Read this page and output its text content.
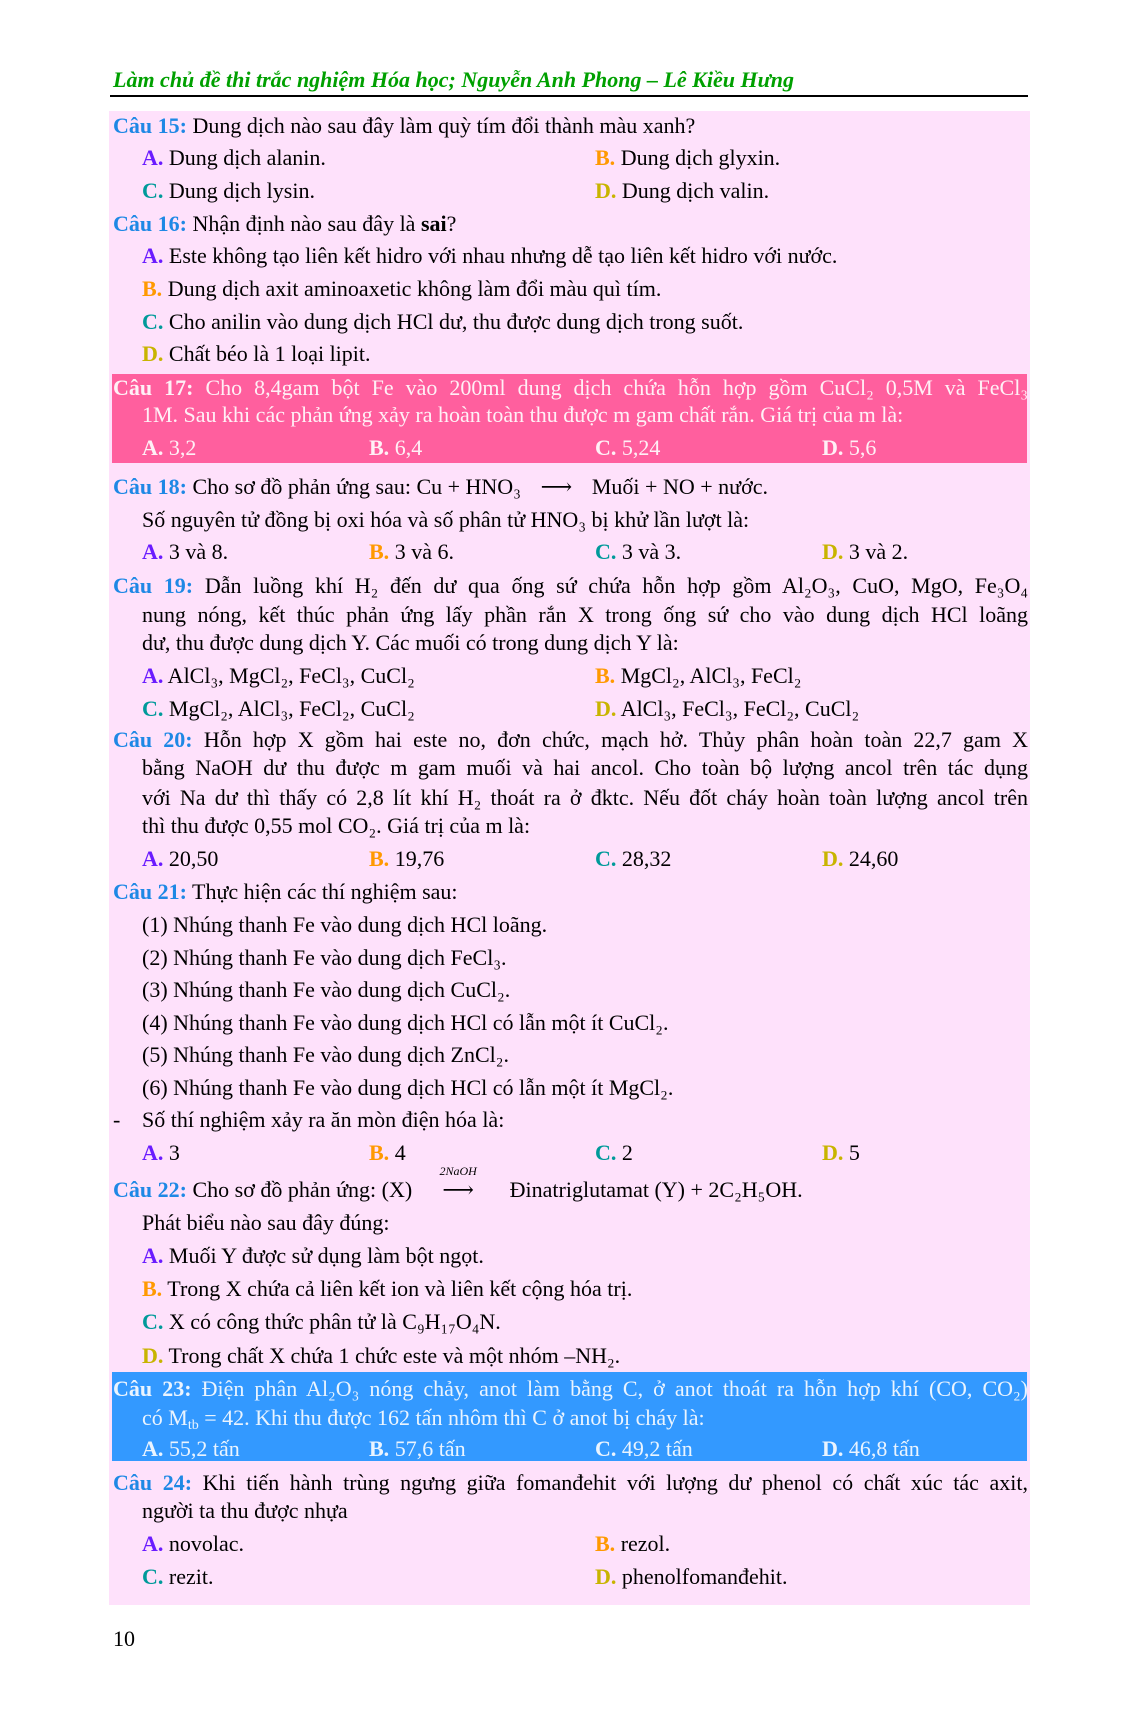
Làm chủ đề thi trắc nghiệm Hóa học; Nguyễn Anh Phong – Lê Kiều Hưng
Câu 15: Dung dịch nào sau đây làm quỳ tím đổi thành màu xanh?
A. Dung dịch alanin.	B. Dung dịch glyxin.
C. Dung dịch lysin.	D. Dung dịch valin.
Câu 16: Nhận định nào sau đây là sai?
A. Este không tạo liên kết hidro với nhau nhưng dễ tạo liên kết hidro với nước.
B. Dung dịch axit aminoaxetic không làm đổi màu quì tím.
C. Cho anilin vào dung dịch HCl dư, thu được dung dịch trong suốt.
D. Chất béo là 1 loại lipit.
Câu 17: Cho 8,4gam bột Fe vào 200ml dung dịch chứa hỗn hợp gồm CuCl₂ 0,5M và FeCl₃
1M. Sau khi các phản ứng xảy ra hoàn toàn thu được m gam chất rắn. Giá trị của m là:
A. 3,2	B. 6,4	C. 5,24	D. 5,6
Câu 18: Cho sơ đồ phản ứng sau: Cu + HNO₃ ⟶ Muối + NO + nước.
Số nguyên tử đồng bị oxi hóa và số phân tử HNO₃ bị khử lần lượt là:
A. 3 và 8.	B. 3 và 6.	C. 3 và 3.	D. 3 và 2.
Câu 19: Dẫn luồng khí H₂ đến dư qua ống sứ chứa hỗn hợp gồm Al₂O₃, CuO, MgO, Fe₃O₄
nung nóng, kết thúc phản ứng lấy phần rắn X trong ống sứ cho vào dung dịch HCl loãng
dư, thu được dung dịch Y. Các muối có trong dung dịch Y là:
A. AlCl₃, MgCl₂, FeCl₃, CuCl₂	B. MgCl₂, AlCl₃, FeCl₂
C. MgCl₂, AlCl₃, FeCl₂, CuCl₂	D. AlCl₃, FeCl₃, FeCl₂, CuCl₂
Câu 20: Hỗn hợp X gồm hai este no, đơn chức, mạch hở. Thủy phân hoàn toàn 22,7 gam X
bằng NaOH dư thu được m gam muối và hai ancol. Cho toàn bộ lượng ancol trên tác dụng
với Na dư thì thấy có 2,8 lít khí H₂ thoát ra ở đktc. Nếu đốt cháy hoàn toàn lượng ancol trên
thì thu được 0,55 mol CO₂. Giá trị của m là:
A. 20,50	B. 19,76	C. 28,32	D. 24,60
Câu 21: Thực hiện các thí nghiệm sau:
(1) Nhúng thanh Fe vào dung dịch HCl loãng.
(2) Nhúng thanh Fe vào dung dịch FeCl₃.
(3) Nhúng thanh Fe vào dung dịch CuCl₂.
(4) Nhúng thanh Fe vào dung dịch HCl có lẫn một ít CuCl₂.
(5) Nhúng thanh Fe vào dung dịch ZnCl₂.
(6) Nhúng thanh Fe vào dung dịch HCl có lẫn một ít MgCl₂.
- Số thí nghiệm xảy ra ăn mòn điện hóa là:
A. 3	B. 4	C. 2	D. 5
Câu 22: Cho sơ đồ phản ứng: (X)
2NaOH
⟶	Đinatriglutamat (Y) + 2C₂H₅OH.
Phát biểu nào sau đây đúng:
A. Muối Y được sử dụng làm bột ngọt.
B. Trong X chứa cả liên kết ion và liên kết cộng hóa trị.
C. X có công thức phân tử là C₉H₁₇O₄N.
D. Trong chất X chứa 1 chức este và một nhóm –NH₂.
Câu 23: Điện phân Al₂O₃ nóng chảy, anot làm bằng C, ở anot thoát ra hỗn hợp khí (CO, CO₂)
có $M_{tb} = 42$. Khi thu được 162 tấn nhôm thì C ở anot bị cháy là:
A. 55,2 tấn	B. 57,6 tấn	C. 49,2 tấn	D. 46,8 tấn
Câu 24: Khi tiến hành trùng ngưng giữa fomanđehit với lượng dư phenol có chất xúc tác axit,
người ta thu được nhựa
A. novolac.	B. rezol.
C. rezit.	D. phenolfomanđehit.
10
